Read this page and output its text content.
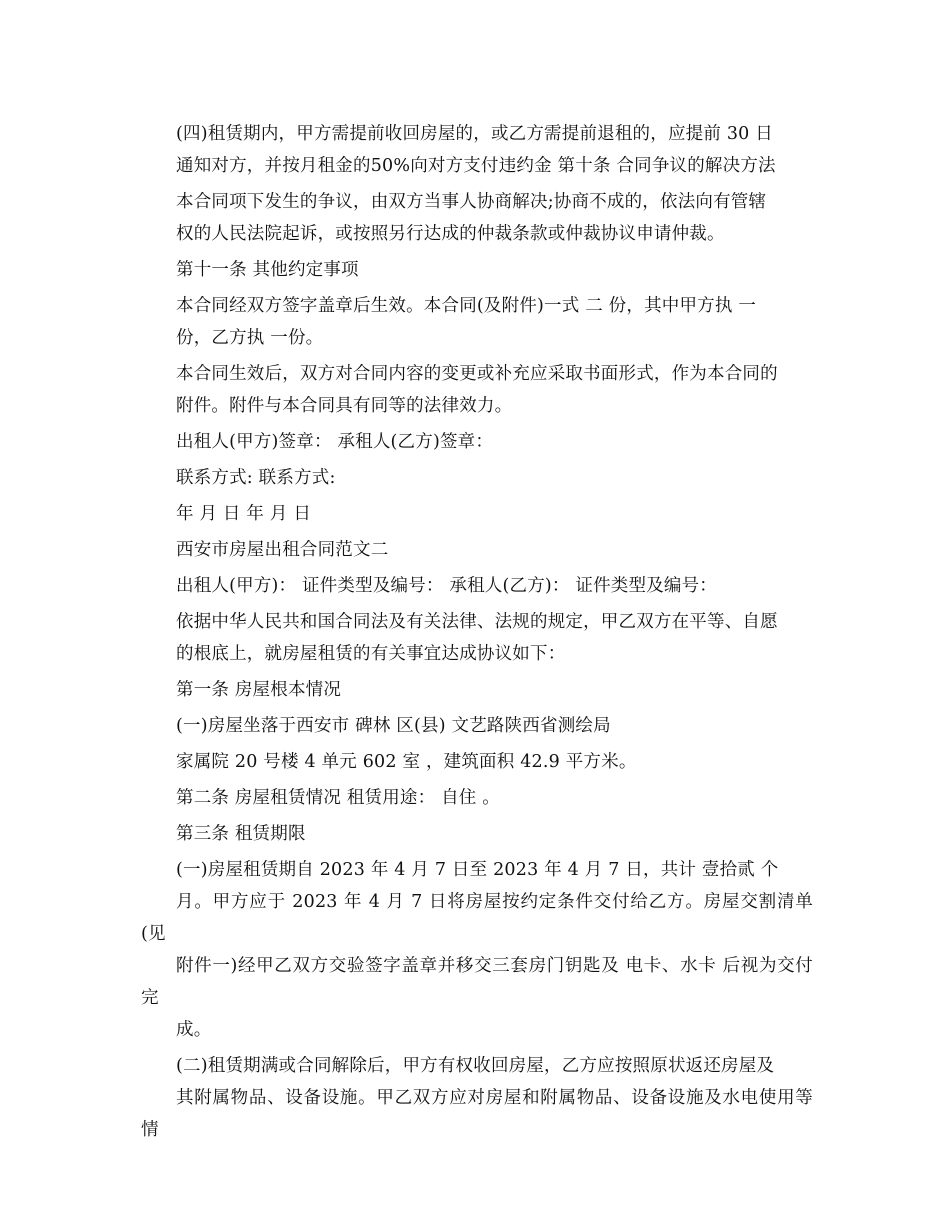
(四)租赁期内，甲方需提前收回房屋的，或乙方需提前退租的，应提前 30 日
通知对方，并按月租金的50%向对方支付违约金 第十条 合同争议的解决方法

本合同项下发生的争议，由双方当事人协商解决;协商不成的，依法向有管辖
权的人民法院起诉，或按照另行达成的仲裁条款或仲裁协议申请仲裁。

第十一条 其他约定事项

本合同经双方签字盖章后生效。本合同(及附件)一式 二 份，其中甲方执 一
份，乙方执 一份。

本合同生效后，双方对合同内容的变更或补充应采取书面形式，作为本合同的
附件。附件与本合同具有同等的法律效力。

出租人(甲方)签章： 承租人(乙方)签章：

联系方式: 联系方式:

年 月 日 年 月 日

西安市房屋出租合同范文二

出租人(甲方)： 证件类型及编号： 承租人(乙方)： 证件类型及编号：

依据中华人民共和国合同法及有关法律、法规的规定，甲乙双方在平等、自愿
的根底上，就房屋租赁的有关事宜达成协议如下：

第一条 房屋根本情况

(一)房屋坐落于西安市 碑林 区(县) 文艺路陕西省测绘局

家属院 20 号楼 4 单元 602 室 ，建筑面积 42.9 平方米。

第二条 房屋租赁情况 租赁用途： 自住 。

第三条 租赁期限

(一)房屋租赁期自 2023 年 4 月 7 日至 2023 年 4 月 7 日，共计 壹拾贰 个
月。甲方应于 2023 年 4 月 7 日将房屋按约定条件交付给乙方。房屋交割清单(见
附件一)经甲乙双方交验签字盖章并移交三套房门钥匙及 电卡、水卡 后视为交付完
成。

(二)租赁期满或合同解除后，甲方有权收回房屋，乙方应按照原状返还房屋及
其附属物品、设备设施。甲乙双方应对房屋和附属物品、设备设施及水电使用等情
